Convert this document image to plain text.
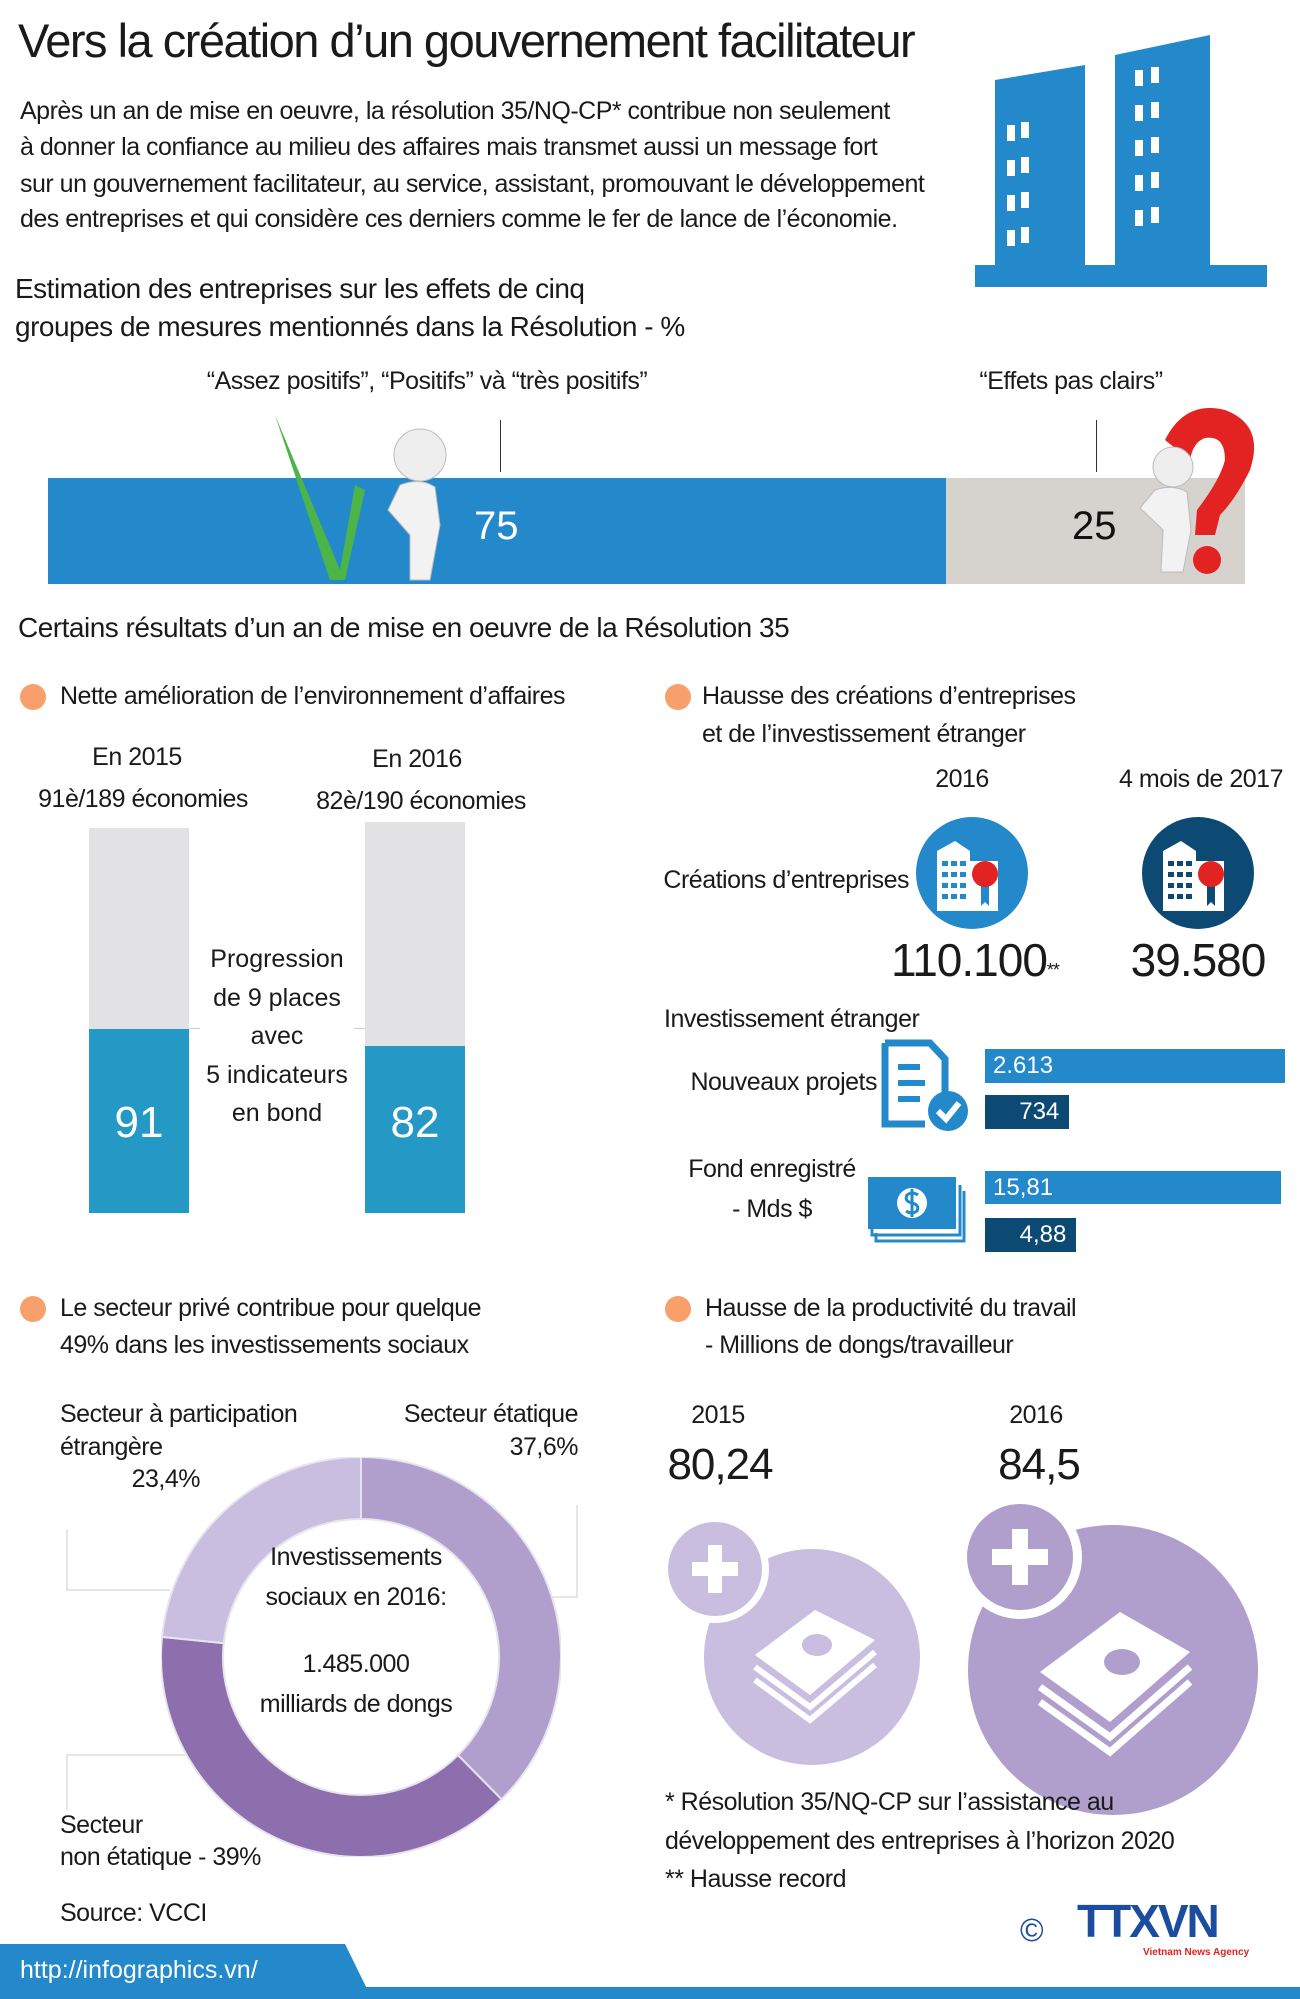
Vers la création d’un gouvernement facilitateur
Après un an de mise en oeuvre, la résolution 35/NQ-CP* contribue non seulement
à donner la confiance au milieu des affaires mais transmet aussi un message fort
sur un gouvernement facilitateur, au service, assistant, promouvant le développement
des entreprises et qui considère ces derniers comme le fer de lance de l’économie.
Estimation des entreprises sur les effets de cinq
groupes de mesures mentionnés dans la Résolution - %
“Assez positifs”, “Positifs” và “très positifs”	“Effets pas clairs”
75	25
Certains résultats d’un an de mise en oeuvre de la Résolution 35
Nette amélioration de l’environnement d’affaires
En 2015
91è/189 économies
En 2016
82è/190 économies
91	82
Progression
de 9 places
avec
5 indicateurs
en bond
Hausse des créations d’entreprises
et de l’investissement étranger
2016	4 mois de 2017
Créations d’entreprises
110.100** 39.580
Investissement étranger
Nouveaux projets
2.613
734
Fond enregistré
- Mds $
15,81
4,88
Le secteur privé contribue pour quelque
49% dans les investissements sociaux
Secteur à participation
étrangère
23,4%
Secteur étatique
37,6%
Investissements
sociaux en 2016:
1.485.000
milliards de dongs
Secteur
non étatique - 39%
Source: VCCI
Hausse de la productivité du travail
- Millions de dongs/travailleur
2015
80,24
2016
84,5
* Résolution 35/NQ-CP sur l’assistance au
développement des entreprises à l’horizon 2020
** Hausse record
© TTXVN
Vietnam News Agency
http://infographics.vn/
